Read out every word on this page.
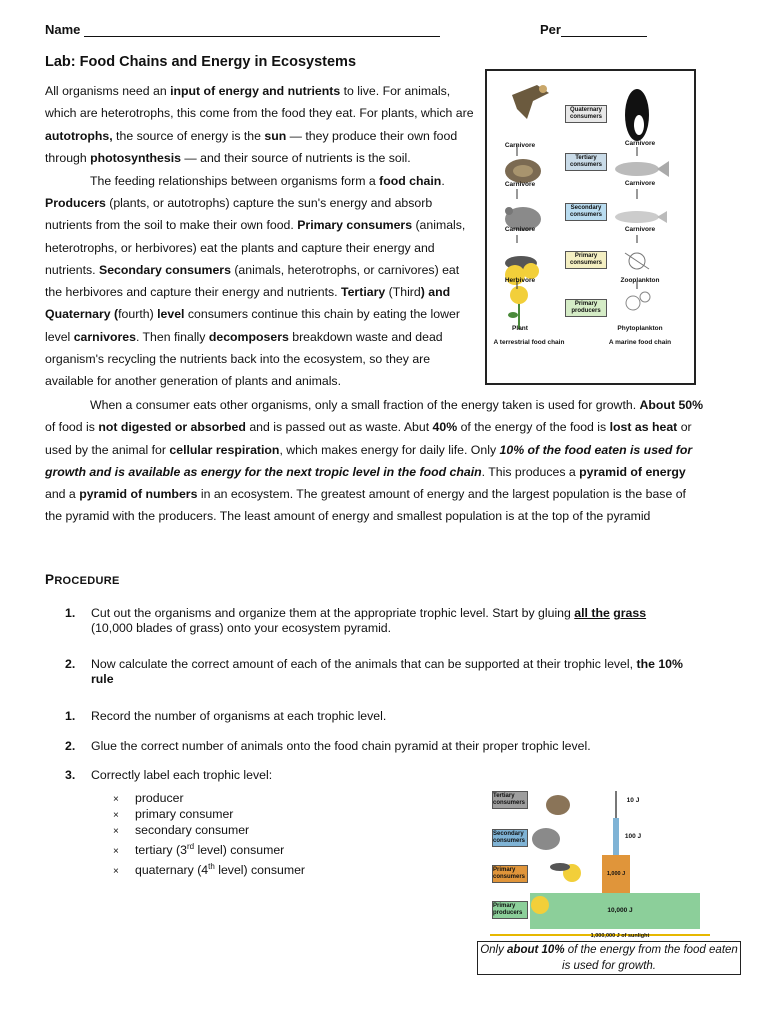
Name	Per
Lab: Food Chains and Energy in Ecosystems
All organisms need an input of energy and nutrients to live. For animals, which are heterotrophs, this come from the food they eat. For plants, which are autotrophs, the source of energy is the sun — they produce their own food through photosynthesis — and their source of nutrients is the soil.
The feeding relationships between organisms form a food chain.
Producers (plants, or autotrophs) capture the sun's energy and absorb nutrients from the soil to make their own food. Primary consumers (animals, heterotrophs, or herbivores) eat the plants and capture their energy and nutrients. Secondary consumers (animals, heterotrophs, or carnivores) eat the herbivores and capture their energy and nutrients. Tertiary (Third) and Quaternary (fourth) level consumers continue this chain by eating the lower level carnivores. Then finally decomposers breakdown waste and dead organism's recycling the nutrients back into the ecosystem, so they are available for another generation of plants and animals.
Quaternary consumers
Tertiary consumers
Secondary consumers
Primary consumers
Primary producers
Carnivore
Carnivore
Carnivore
Herbivore
Plant
Carnivore
Carnivore
Carnivore
Zooplankton
Phytoplankton
A terrestrial food chain	A marine food chain
When a consumer eats other organisms, only a small fraction of the energy taken is used for growth. About 50% of food is not digested or absorbed and is passed out as waste. Abut 40% of the energy of the food is lost as heat or used by the animal for cellular respiration, which makes energy for daily life. Only 10% of the food eaten is used for growth and is available as energy for the next tropic level in the food chain. This produces a pyramid of energy and a pyramid of numbers in an ecosystem. The greatest amount of energy and the largest population is the base of the pyramid with the producers. The least amount of energy and smallest population is at the top of the pyramid
PROCEDURE
1. Cut out the organisms and organize them at the appropriate trophic level. Start by gluing all the grass
(10,000 blades of grass) onto your ecosystem pyramid.
2. Now calculate the correct amount of each of the animals that can be supported at their trophic level, the 10% rule
1. Record the number of organisms at each trophic level.
2. Glue the correct number of animals onto the food chain pyramid at their proper trophic level.
3. Correctly label each trophic level:
× producer
× primary consumer
× secondary consumer
× tertiary (3rd level) consumer
× quaternary (4th level) consumer
Tertiary consumers
Secondary consumers
Primary consumers
Primary producers
10 J
100 J
1,000 J
10,000 J
1,000,000 J of sunlight
Only about 10% of the energy from the food eaten is used for growth.
